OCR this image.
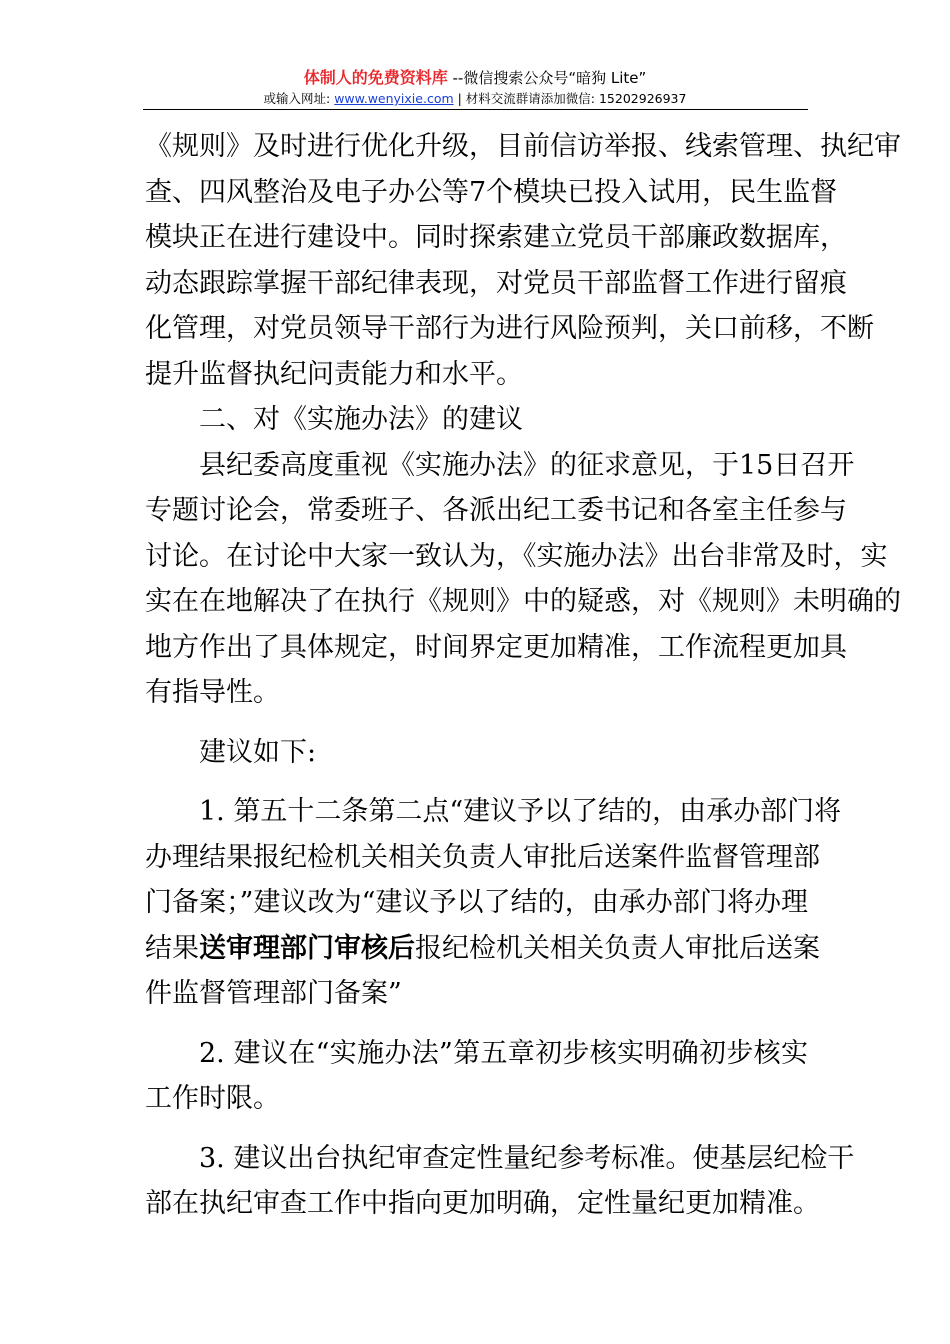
体制人的免费资料库 --微信搜索公众号“暗狗 Lite”
或输入网址: www.wenyixie.com | 材料交流群请添加微信: 15202926937
《规则》及时进行优化升级，目前信访举报、线索管理、执纪审
查、四风整治及电子办公等7个模块已投入试用，民生监督
模块正在进行建设中。同时探索建立党员干部廉政数据库，
动态跟踪掌握干部纪律表现，对党员干部监督工作进行留痕
化管理，对党员领导干部行为进行风险预判，关口前移，不断
提升监督执纪问责能力和水平。
二、对《实施办法》的建议
县纪委高度重视《实施办法》的征求意见，于15日召开
专题讨论会，常委班子、各派出纪工委书记和各室主任参与
讨论。在讨论中大家一致认为，《实施办法》出台非常及时，实
实在在地解决了在执行《规则》中的疑惑，对《规则》未明确的
地方作出了具体规定，时间界定更加精准，工作流程更加具
有指导性。
建议如下:
1. 第五十二条第二点“建议予以了结的，由承办部门将
办理结果报纪检机关相关负责人审批后送案件监督管理部
门备案；”建议改为“建议予以了结的，由承办部门将办理
结果送审理部门审核后报纪检机关相关负责人审批后送案
件监督管理部门备案”
2. 建议在“实施办法”第五章初步核实明确初步核实
工作时限。
3. 建议出台执纪审查定性量纪参考标准。使基层纪检干
部在执纪审查工作中指向更加明确，定性量纪更加精准。
